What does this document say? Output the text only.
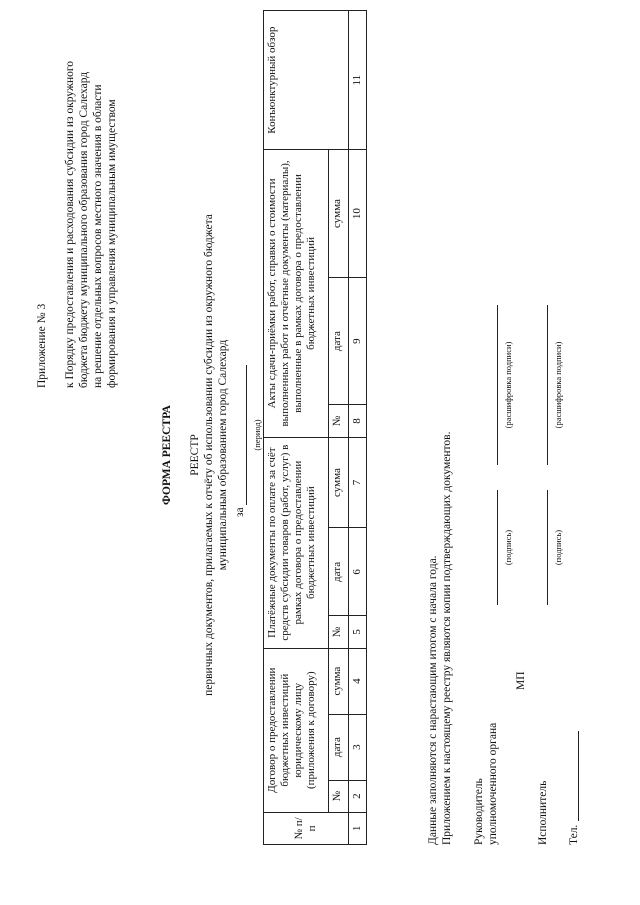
Приложение № 3 к Порядку предоставления и расходования субсидии из окружного бюджета бюджету муниципального образования город Салехард на решение отдельных вопросов местного значения в области формирования и управления муниципальным имуществом
ФОРМА РЕЕСТРА РЕЕСТР первичных документов, прилагаемых к отчёту об использовании субсидии из окружного бюджета муниципальным образованием город Салехард за
(период)
№ п/п	Договор о предоставлении бюджетных инвестиций юридическому лицу (приложения к договору)			Платёжные документы по оплате за счёт средств субсидии товаров (работ, услуг) в рамках договора о предоставлении бюджетных инвестиций			Акты сдачи-приёмки работ, справки о стоимости выполненных работ и отчётные документы (материалы), выполненные в рамках договора о предоставлении бюджетных инвестиций			Конъюнктурный обзор
	№	дата	сумма	№	дата	сумма	№	дата	сумма	
1	2	3	4	5	6	7	8	9	10	11
Данные заполняются с нарастающим итогом с начала года. Приложением к настоящему реестру являются копии подтверждающих документов. Руководитель уполномоченного органа
(подпись)
(расшифровка подписи)
МП
Исполнитель
(подпись)
(расшифровка подписи)
Тел.
